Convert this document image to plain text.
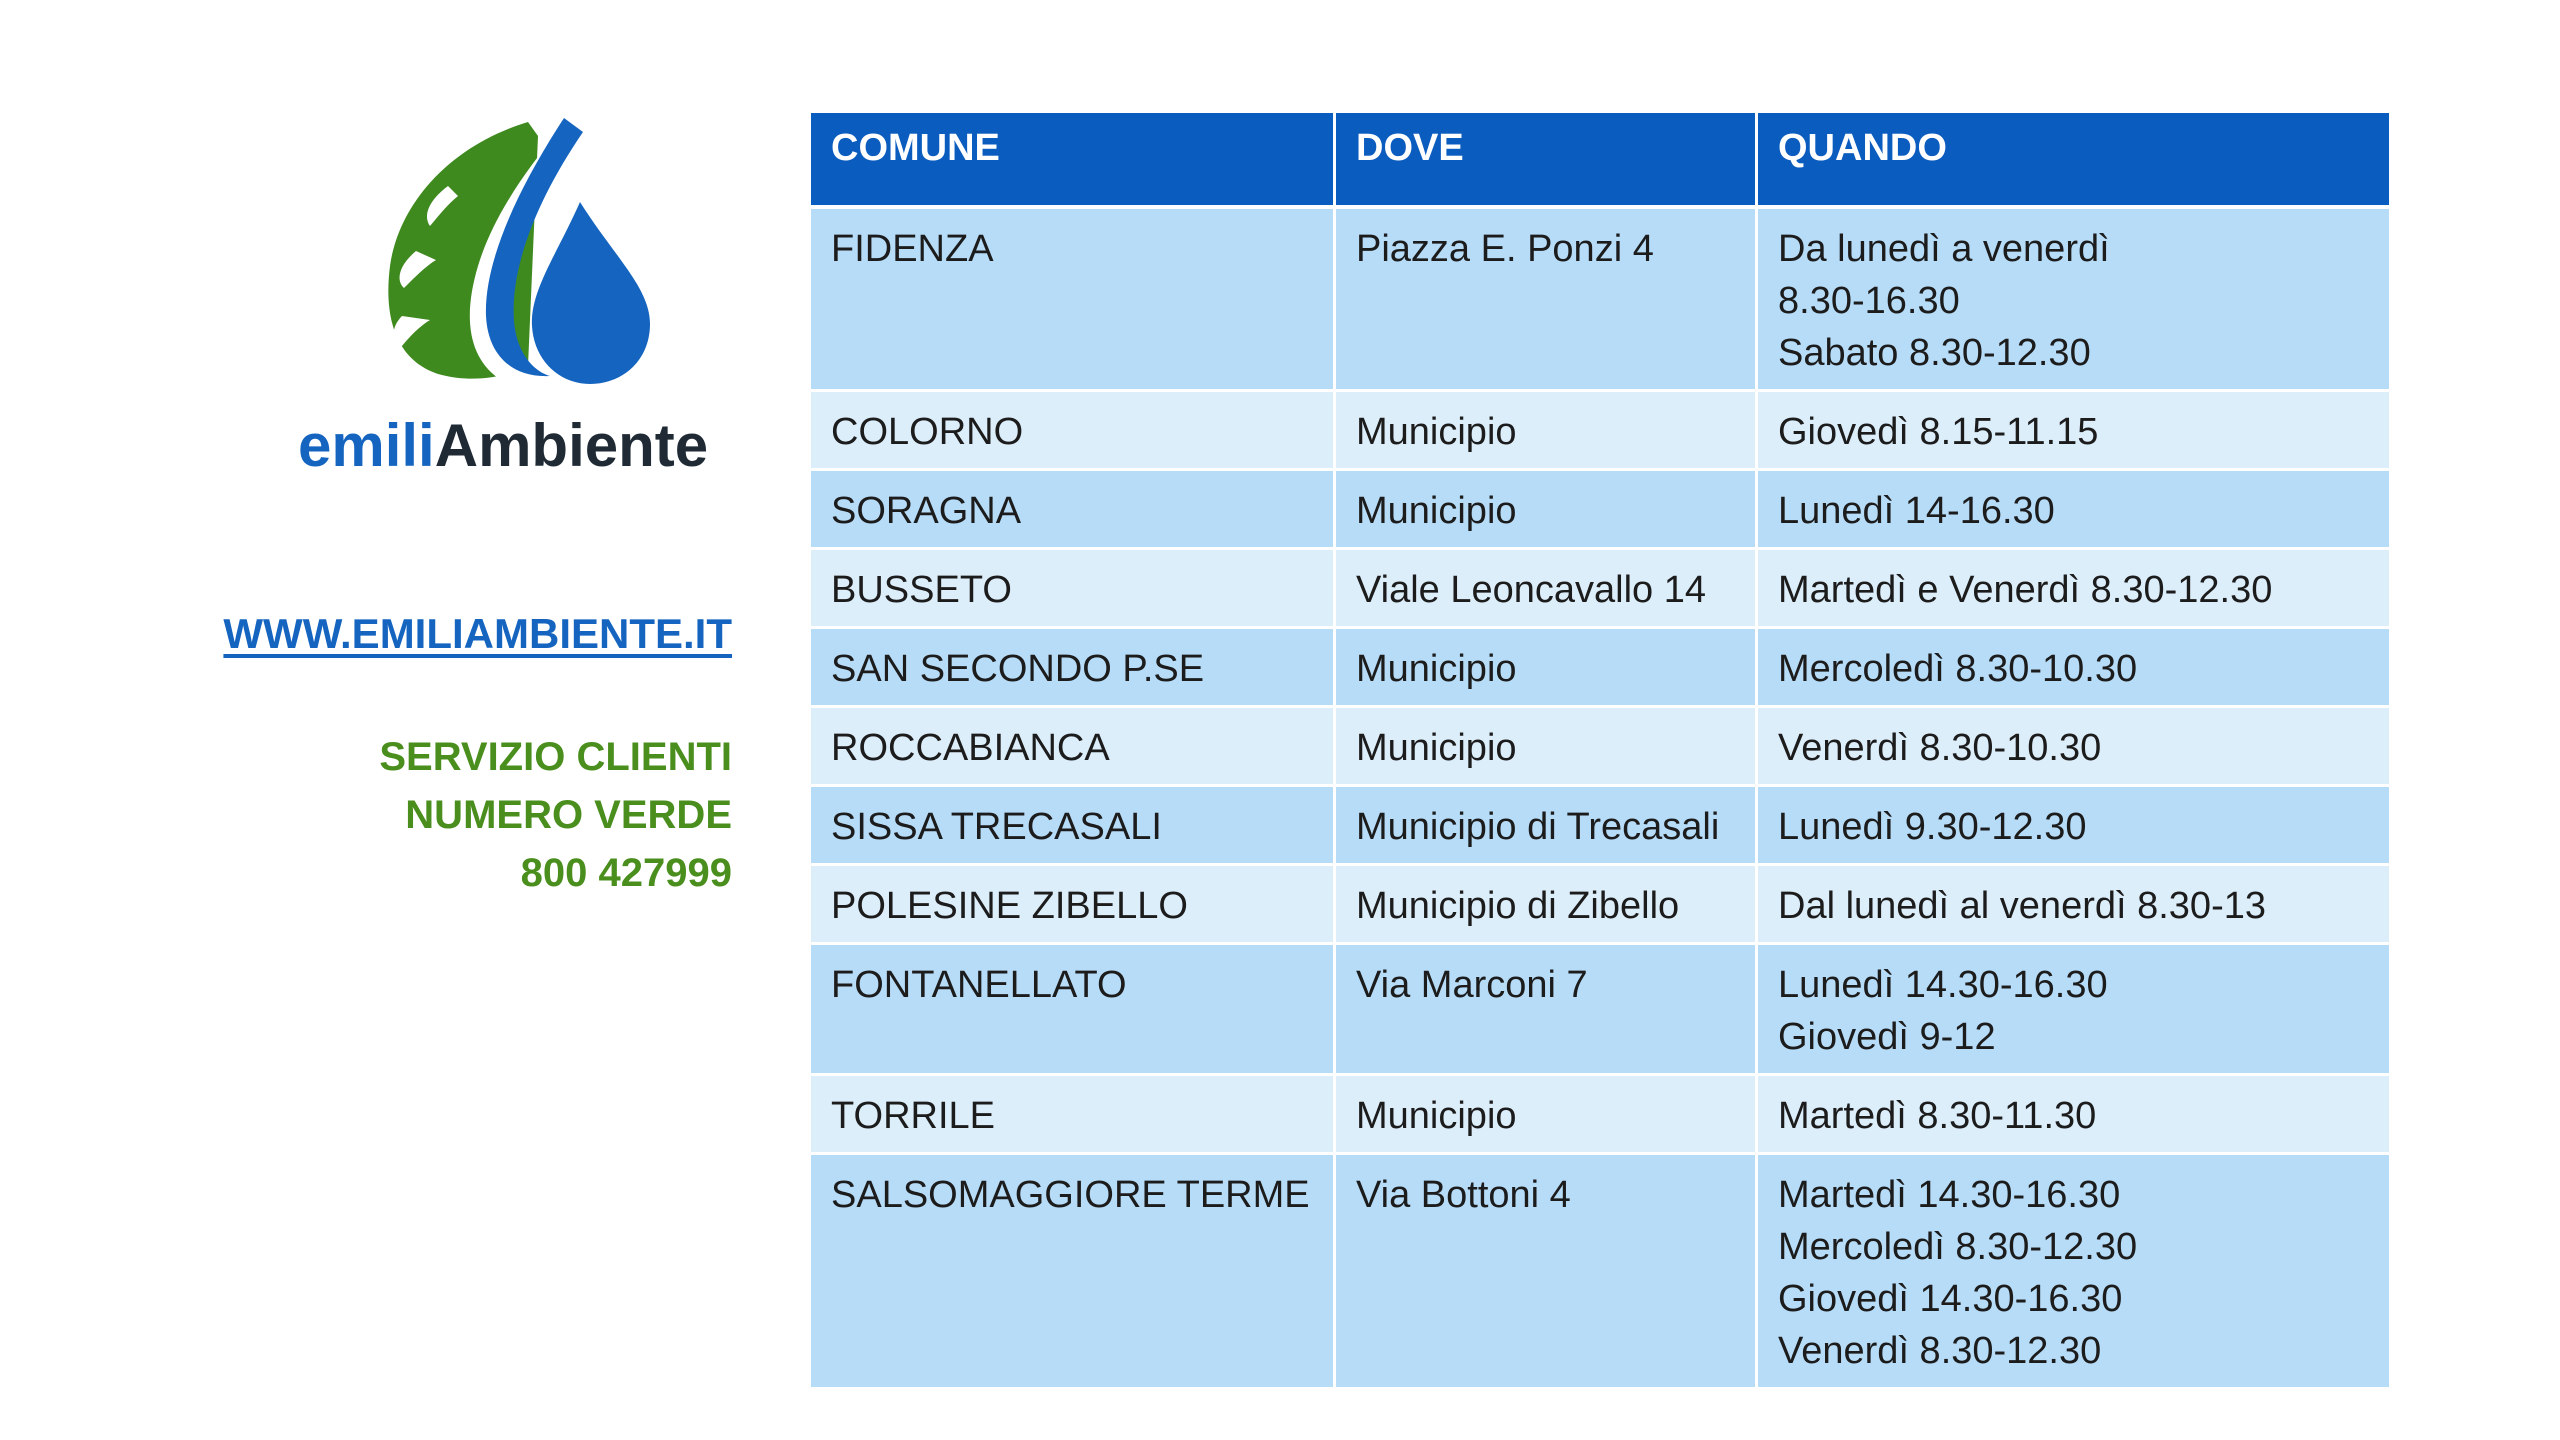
emiliAmbiente
WWW.EMILIAMBIENTE.IT
SERVIZIO CLIENTI
NUMERO VERDE
800 427999
COMUNE	DOVE	QUANDO
FIDENZA	Piazza E. Ponzi 4	Da lunedì a venerdì
8.30-16.30
Sabato 8.30-12.30

COLORNO	Municipio	Giovedì 8.15-11.15

SORAGNA	Municipio	Lunedì 14-16.30

BUSSETO	Viale Leoncavallo 14	Martedì e Venerdì 8.30-12.30

SAN SECONDO P.SE	Municipio	Mercoledì 8.30-10.30

ROCCABIANCA	Municipio	Venerdì 8.30-10.30

SISSA TRECASALI	Municipio di Trecasali	Lunedì 9.30-12.30

POLESINE ZIBELLO	Municipio di Zibello	Dal lunedì al venerdì 8.30-13

FONTANELLATO	Via Marconi 7	Lunedì 14.30-16.30
Giovedì 9-12

TORRILE	Municipio	Martedì 8.30-11.30

SALSOMAGGIORE TERME	Via Bottoni 4	Martedì 14.30-16.30
Mercoledì 8.30-12.30
Giovedì 14.30-16.30
Venerdì 8.30-12.30
